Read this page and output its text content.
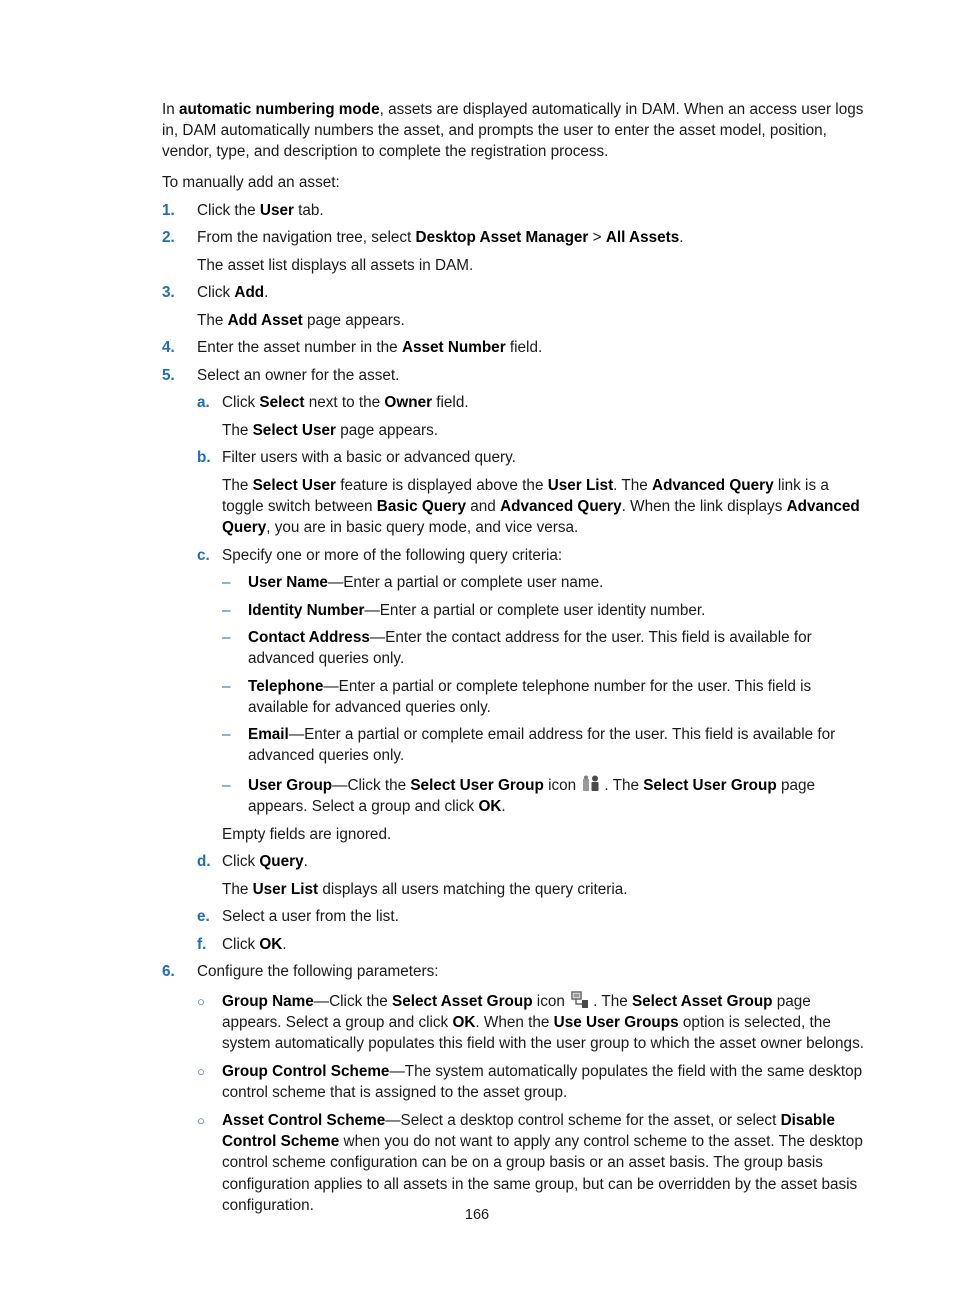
In automatic numbering mode, assets are displayed automatically in DAM. When an access user logs in, DAM automatically numbers the asset, and prompts the user to enter the asset model, position, vendor, type, and description to complete the registration process.
To manually add an asset:
1. Click the User tab.
2. From the navigation tree, select Desktop Asset Manager > All Assets.
The asset list displays all assets in DAM.
3. Click Add.
The Add Asset page appears.
4. Enter the asset number in the Asset Number field.
5. Select an owner for the asset.
a. Click Select next to the Owner field.
The Select User page appears.
b. Filter users with a basic or advanced query.
The Select User feature is displayed above the User List. The Advanced Query link is a toggle switch between Basic Query and Advanced Query. When the link displays Advanced Query, you are in basic query mode, and vice versa.
c. Specify one or more of the following query criteria:
– User Name—Enter a partial or complete user name.
– Identity Number—Enter a partial or complete user identity number.
– Contact Address—Enter the contact address for the user. This field is available for advanced queries only.
– Telephone—Enter a partial or complete telephone number for the user. This field is available for advanced queries only.
– Email—Enter a partial or complete email address for the user. This field is available for advanced queries only.
– User Group—Click the Select User Group icon . The Select User Group page appears. Select a group and click OK.
Empty fields are ignored.
d. Click Query.
The User List displays all users matching the query criteria.
e. Select a user from the list.
f. Click OK.
6. Configure the following parameters:
○ Group Name—Click the Select Asset Group icon . The Select Asset Group page appears. Select a group and click OK. When the Use User Groups option is selected, the system automatically populates this field with the user group to which the asset owner belongs.
○ Group Control Scheme—The system automatically populates the field with the same desktop control scheme that is assigned to the asset group.
○ Asset Control Scheme—Select a desktop control scheme for the asset, or select Disable Control Scheme when you do not want to apply any control scheme to the asset. The desktop control scheme configuration can be on a group basis or an asset basis. The group basis configuration applies to all assets in the same group, but can be overridden by the asset basis configuration.
166
